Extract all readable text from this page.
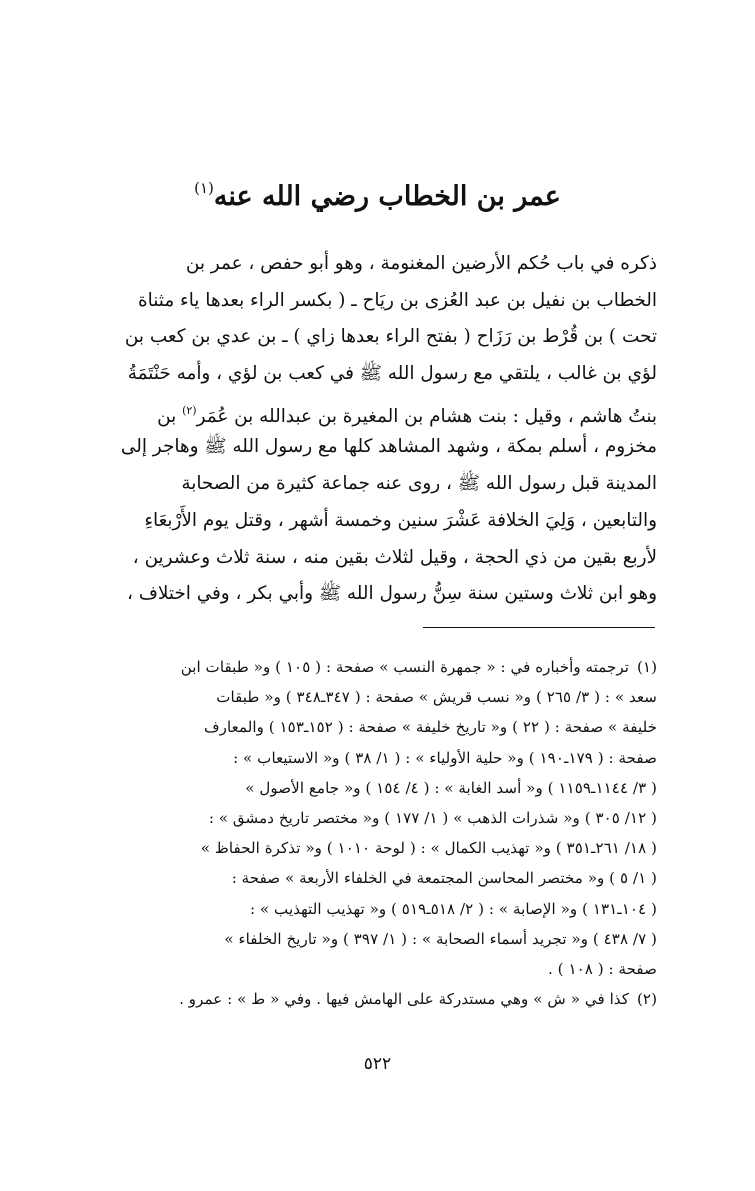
عمر بن الخطاب رضي الله عنه$^{(١)}$
ذكره في باب حُكم الأرضين المغنومة ، وهو أبو حفص ، عمر بن
الخطاب بن نفيل بن عبد العُزى بن ريَاح ـ ( بكسر الراء بعدها ياء مثناة
تحت ) بن قُرْط بن رَزَاح ( بفتح الراء بعدها زاي ) ـ بن عدي بن كعب بن
لؤي بن غالب ، يلتقي مع رسول الله ﷺ في كعب بن لؤي ، وأمه حَنْتَمَةُ
بنتُ هاشم ، وقيل : بنت هشام بن المغيرة بن عبدالله بن عُمَر$^{(٢)}$ بن
مخزوم ، أسلم بمكة ، وشهد المشاهد كلها مع رسول الله ﷺ وهاجر إلى
المدينة قبل رسول الله ﷺ ، روى عنه جماعة كثيرة من الصحابة
والتابعين ، وَلِيَ الخلافة عَشْرَ سنين وخمسة أشهر ، وقتل يوم الأَرْبعَاءِ
لأربع بقين من ذي الحجة ، وقيل لثلاث بقين منه ، سنة ثلاث وعشرين ،
وهو ابن ثلاث وستين سنة سِنُّ رسول الله ﷺ وأبي بكر ، وفي اختلاف ،
(١)ترجمته وأخباره في : « جمهرة النسب » صفحة : ( ١٠٥ ) و« طبقات ابن
سعد » : ( ٣/ ٢٦٥ ) و« نسب قريش » صفحة : ( ٣٤٧ـ٣٤٨ ) و« طبقات
خليفة » صفحة : ( ٢٢ ) و« تاريخ خليفة » صفحة : ( ١٥٢ـ١٥٣ ) والمعارف
صفحة : ( ١٧٩ـ١٩٠ ) و« حلية الأولياء » : ( ١/ ٣٨ ) و« الاستيعاب » :
( ٣/ ١١٤٤ـ١١٥٩ ) و« أسد الغابة » : ( ٤/ ١٥٤ ) و« جامع الأصول »
( ١٢/ ٣٠٥ ) و« شذرات الذهب » ( ١/ ١٧٧ ) و« مختصر تاريخ دمشق » :
( ١٨/ ٢٦١ـ٣٥١ ) و« تهذيب الكمال » : ( لوحة ١٠١٠ ) و« تذكرة الحفاظ »
( ١/ ٥ ) و« مختصر المحاسن المجتمعة في الخلفاء الأربعة » صفحة :
( ١٠٤ـ١٣١ ) و« الإصابة » : ( ٢/ ٥١٨ـ٥١٩ ) و« تهذيب التهذيب » :
( ٧/ ٤٣٨ ) و« تجريد أسماء الصحابة » : ( ١/ ٣٩٧ ) و« تاريخ الخلفاء »
صفحة : ( ١٠٨ ) .
(٢)كذا في « ش » وهي مستدركة على الهامش فيها . وفي « ط » : عمرو .
٥٢٢
